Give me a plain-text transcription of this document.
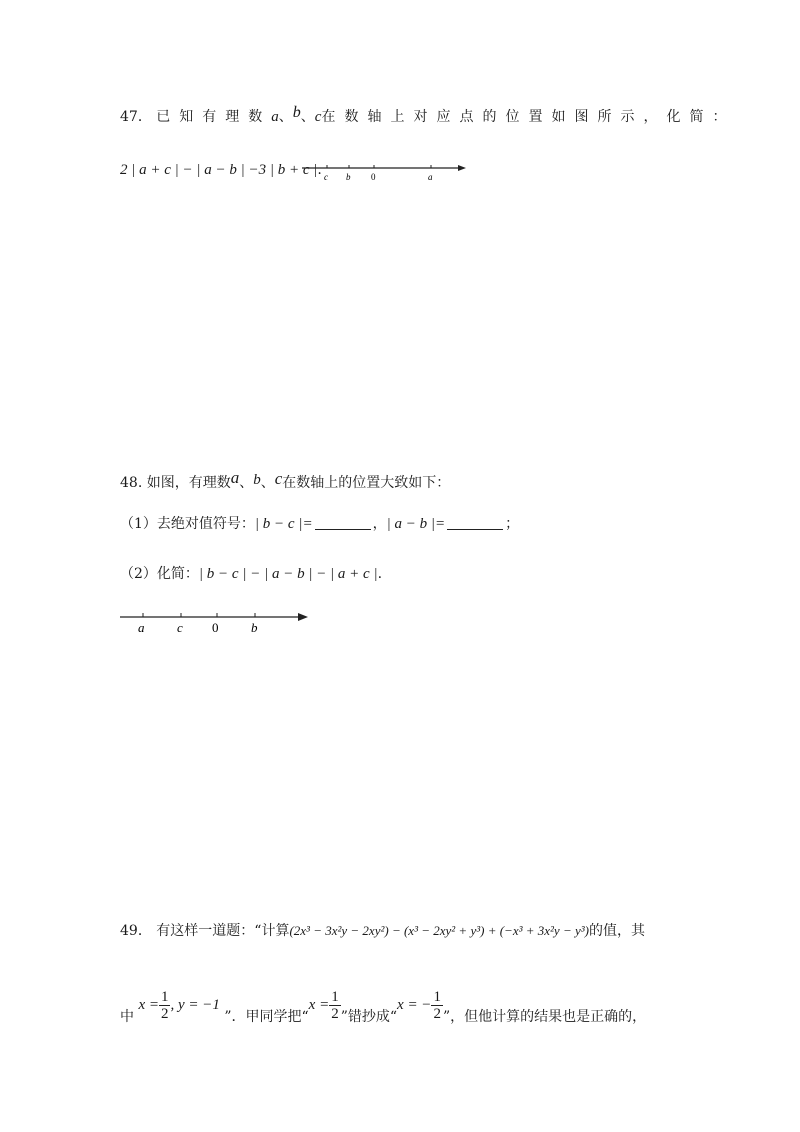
47． 已知有理数a、b、c在数轴上对应点的位置如图所示，化简：
2 | a + c | − | a − b | −3 | b + c |. c b 0	a
48. 如图，有理数a、b、c在数轴上的位置大致如下：
（1）去绝对值符号：| b − c |=	，| a − b |=	；
（2）化简：| b − c | − | a − b | − | a + c |.
a	c 0	b
49． 有这样一道题：“计算(2x³ − 3x²y − 2xy²) − (x³ − 2xy² + y³) + (−x³ + 3x²y − y³)的值，其
中 $x = \frac{1}{2}$ , y = −1 ”．甲同学把“$x = \frac{1}{2}$ ”错抄成“x = − $\frac{1}{2}$ ”，但他计算的结果也是正确的，
